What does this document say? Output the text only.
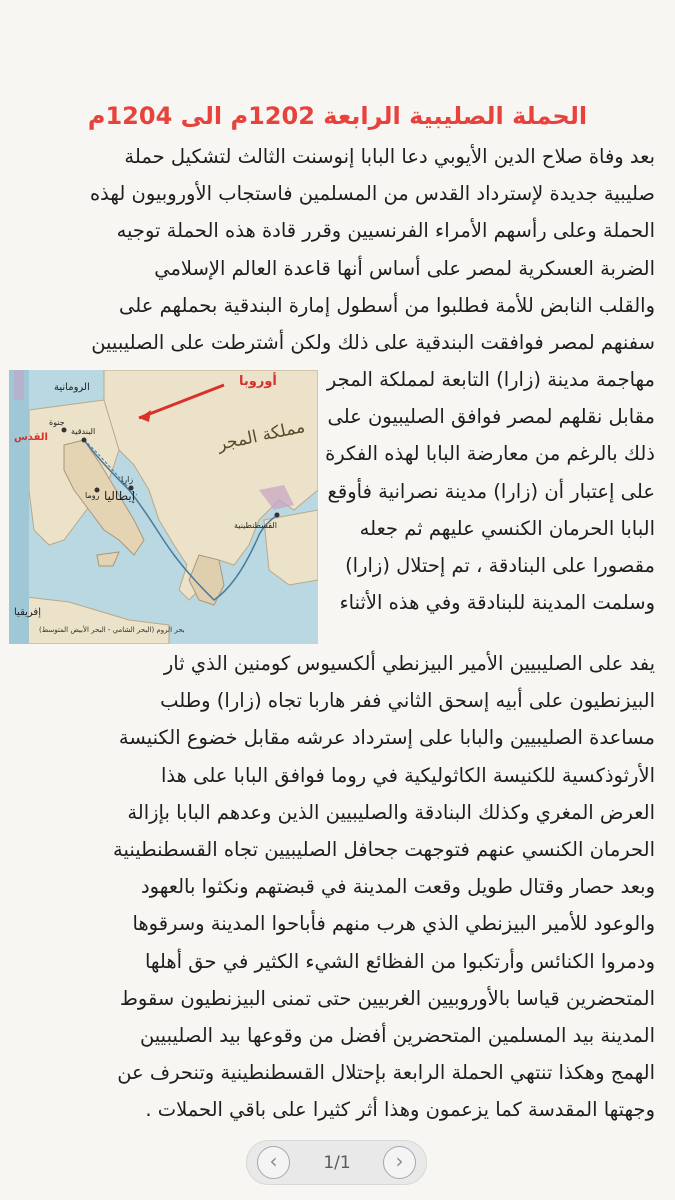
الحملة الصليبية الرابعة 1202م الى 1204م
بعد وفاة صلاح الدين الأيوبي دعا البابا إنوسنت الثالث لتشكيل حملة
صليبية جديدة لإسترداد القدس من المسلمين فاستجاب الأوروبيون لهذه
الحملة وعلى رأسهم الأمراء الفرنسيين وقرر قادة هذه الحملة توجيه
الضربة العسكرية لمصر على أساس أنها قاعدة العالم الإسلامي
والقلب النابض للأمة فطلبوا من أسطول إمارة البندقية بحملهم على
سفنهم لمصر فوافقت البندقية على ذلك ولكن أشترطت على الصليبيين
مهاجمة مدينة (زارا) التابعة لمملكة المجر
مقابل نقلهم لمصر فوافق الصليبيون على
ذلك بالرغم من معارضة البابا لهذه الفكرة
على إعتبار أن (زارا) مدينة نصرانية فأوقع
البابا الحرمان الكنسي عليهم ثم جعله
مقصورا على البنادقة ، تم إحتلال (زارا)
وسلمت المدينة للبنادقة وفي هذه الأثناء
يفد على الصليبيين الأمير البيزنطي ألكسيوس كومنين الذي ثار
البيزنطيون على أبيه إسحق الثاني ففر هاربا تجاه (زارا) وطلب
مساعدة الصليبيين والبابا على إسترداد عرشه مقابل خضوع الكنيسة
الأرثوذكسية للكنيسة الكاثوليكية في روما فوافق البابا على هذا
العرض المغري وكذلك البنادقة والصليبيين الذين وعدهم البابا بإزالة
الحرمان الكنسي عنهم فتوجهت جحافل الصليبيين تجاه القسطنطينية
وبعد حصار وقتال طويل وقعت المدينة في قبضتهم ونكثوا بالعهود
والوعود للأمير البيزنطي الذي هرب منهم فأباحوا المدينة وسرقوها
ودمروا الكنائس وأرتكبوا من الفظائع الشيء الكثير في حق أهلها
المتحضرين قياسا بالأوروبيين الغربيين حتى تمنى البيزنطيون سقوط
المدينة بيد المسلمين المتحضرين أفضل من وقوعها بيد الصليبيين
الهمج وهكذا تنتهي الحملة الرابعة بإحتلال القسطنطينية وتنحرف عن
وجهتها المقدسة كما يزعمون وهذا أثر كثيرا على باقي الحملات .
مملكة المجر
إيطاليا
الرومانية
القدس
أوروبا
إفريقيا
بحر الروم (البحر الشامي - البحر الأبيض المتوسط)
القسطنطينية
زارا
البندقية
روما
جنوة
‹	1/1	›
